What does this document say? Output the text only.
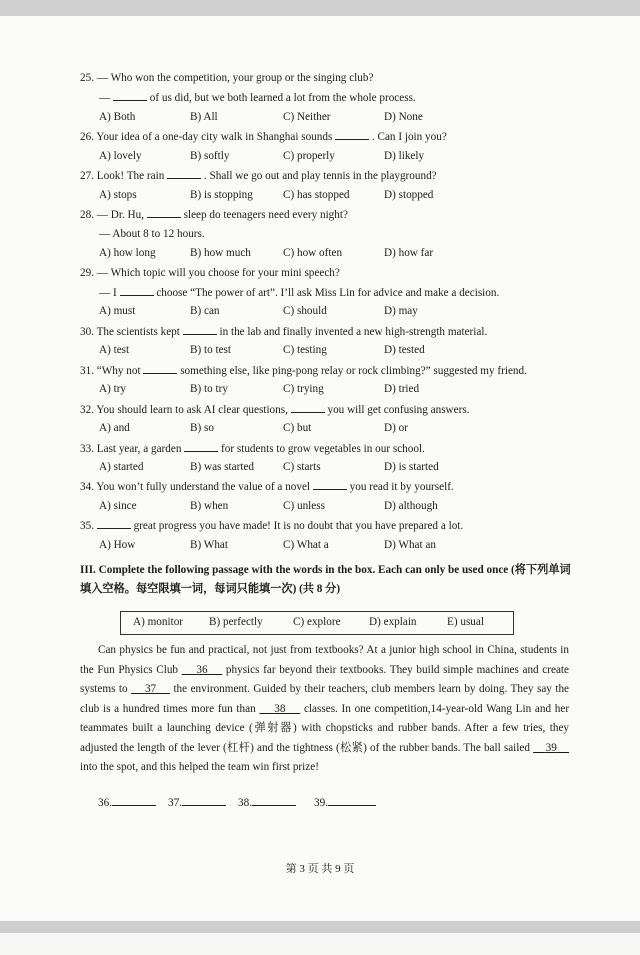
25. — Who won the competition, your group or the singing club?
—	of us did, but we both learned a lot from the whole process.
A) Both	B) All	C) Neither	D) None
26. Your idea of a one-day city walk in Shanghai sounds	. Can I join you?
A) lovely	B) softly	C) properly	D) likely
27. Look! The rain	. Shall we go out and play tennis in the playground?
A) stops	B) is stopping	C) has stopped	D) stopped
28. — Dr. Hu,	sleep do teenagers need every night?
— About 8 to 12 hours.
A) how long	B) how much	C) how often	D) how far
29. — Which topic will you choose for your mini speech?
— I	choose “The power of art”. I’ll ask Miss Lin for advice and make a decision.
A) must	B) can	C) should	D) may
30. The scientists kept	in the lab and finally invented a new high-strength material.
A) test	B) to test	C) testing	D) tested
31. “Why not	something else, like ping-pong relay or rock climbing?” suggested my friend.
A) try	B) to try	C) trying	D) tried
32. You should learn to ask AI clear questions,	you will get confusing answers.
A) and	B) so	C) but	D) or
33. Last year, a garden	for students to grow vegetables in our school.
A) started	B) was started	C) starts	D) is started
34. You won’t fully understand the value of a novel	you read it by yourself.
A) since	B) when	C) unless	D) although
35.	great progress you have made! It is no doubt that you have prepared a lot.
A) How	B) What	C) What a	D) What an
III. Complete the following passage with the words in the box. Each can only be used once (将下列单词填入空格。每空限填一词，每词只能填一次) (共 8 分)
A) monitor B) perfectly	C) explore	D) explain	E) usual
Can physics be fun and practical, not just from textbooks? At a junior high school in China, students in the Fun Physics Club 36 physics far beyond their textbooks. They build simple machines and create systems to 37 the environment. Guided by their teachers, club members learn by doing. They say the club is a hundred times more fun than 38 classes. In one competition,14-year-old Wang Lin and her teammates built a launching device (弹射器) with chopsticks and rubber bands. After a few tries, they adjusted the length of the lever (杠杆) and the tightness (松紧) of the rubber bands. The ball sailed 39     into the spot, and this helped the team win first prize!
36.	37.	38.	39.
第 3 页 共 9 页
